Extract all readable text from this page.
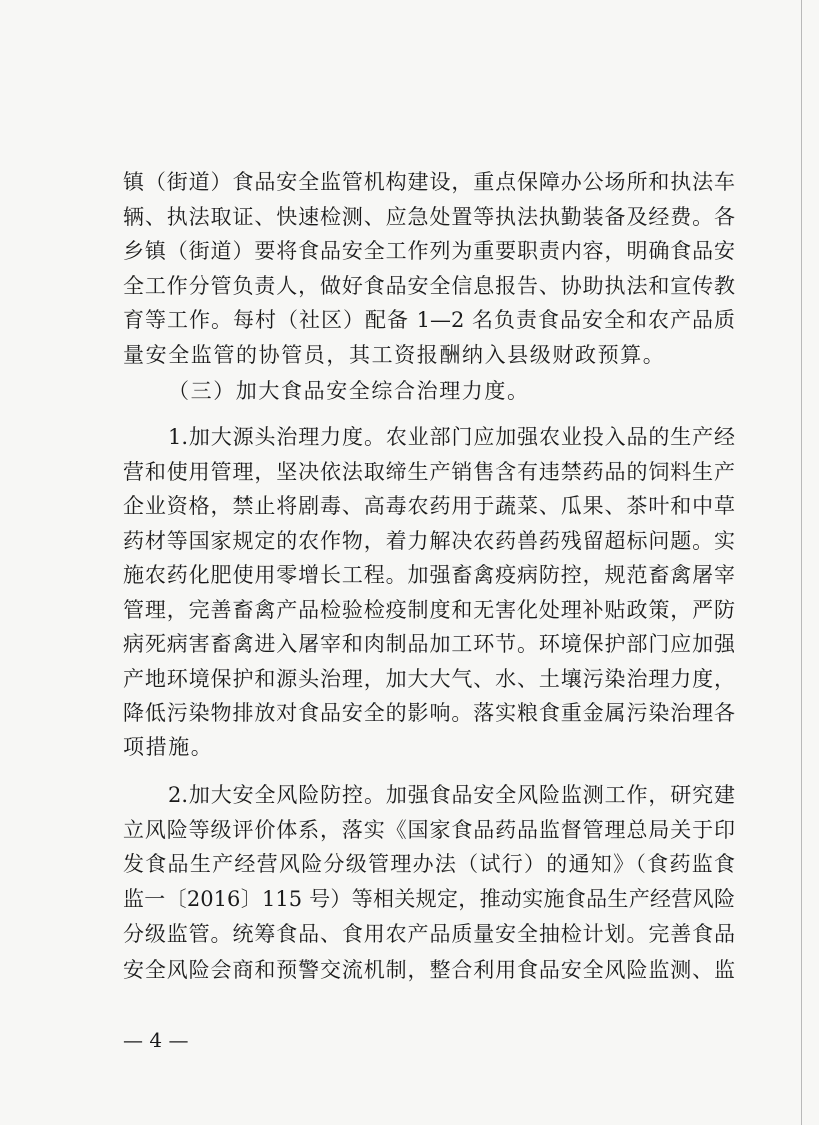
镇（街道）食品安全监管机构建设，重点保障办公场所和执法车
辆、执法取证、快速检测、应急处置等执法执勤装备及经费。各
乡镇（街道）要将食品安全工作列为重要职责内容，明确食品安
全工作分管负责人，做好食品安全信息报告、协助执法和宣传教
育等工作。每村（社区）配备 1—2 名负责食品安全和农产品质
量安全监管的协管员，其工资报酬纳入县级财政预算。
（三）加大食品安全综合治理力度。
1.加大源头治理力度。农业部门应加强农业投入品的生产经
营和使用管理，坚决依法取缔生产销售含有违禁药品的饲料生产
企业资格，禁止将剧毒、高毒农药用于蔬菜、瓜果、茶叶和中草
药材等国家规定的农作物，着力解决农药兽药残留超标问题。实
施农药化肥使用零增长工程。加强畜禽疫病防控，规范畜禽屠宰
管理，完善畜禽产品检验检疫制度和无害化处理补贴政策，严防
病死病害畜禽进入屠宰和肉制品加工环节。环境保护部门应加强
产地环境保护和源头治理，加大大气、水、土壤污染治理力度，
降低污染物排放对食品安全的影响。落实粮食重金属污染治理各
项措施。
2.加大安全风险防控。加强食品安全风险监测工作，研究建
立风险等级评价体系，落实《国家食品药品监督管理总局关于印
发食品生产经营风险分级管理办法（试行）的通知》（食药监食
监一〔2016〕115 号）等相关规定，推动实施食品生产经营风险
分级监管。统筹食品、食用农产品质量安全抽检计划。完善食品
安全风险会商和预警交流机制，整合利用食品安全风险监测、监
— 4 —
